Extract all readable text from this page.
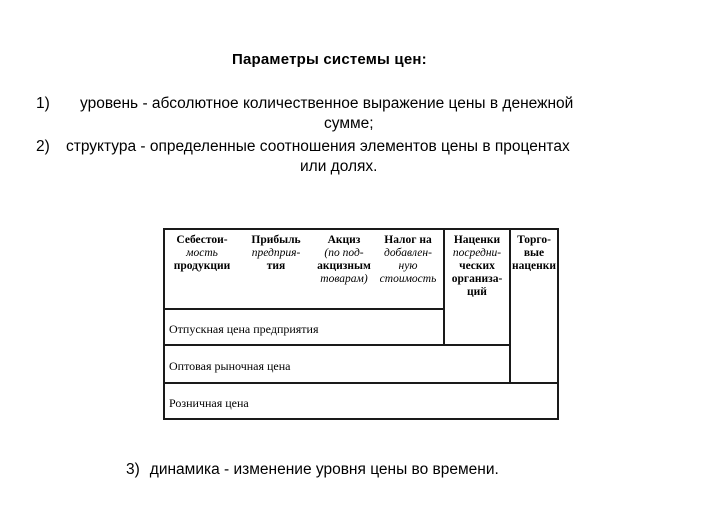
Параметры системы цен:
1) уровень - абсолютное количественное выражение цены в денежной
сумме;
2) структура - определенные соотношения элементов цены в процентах
или долях.
Себестои-
мость
продукции
Прибыль
предприя-
тия
Акциз
(по под-
акцизным
товарам)
Налог на
добавлен-
ную
стоимость
Наценки
посредни-
ческих
организа-
ций
Торго-
вые
наценки
Отпускная цена предприятия
Оптовая рыночная цена
Розничная цена
3) динамика - изменение уровня цены во времени.
